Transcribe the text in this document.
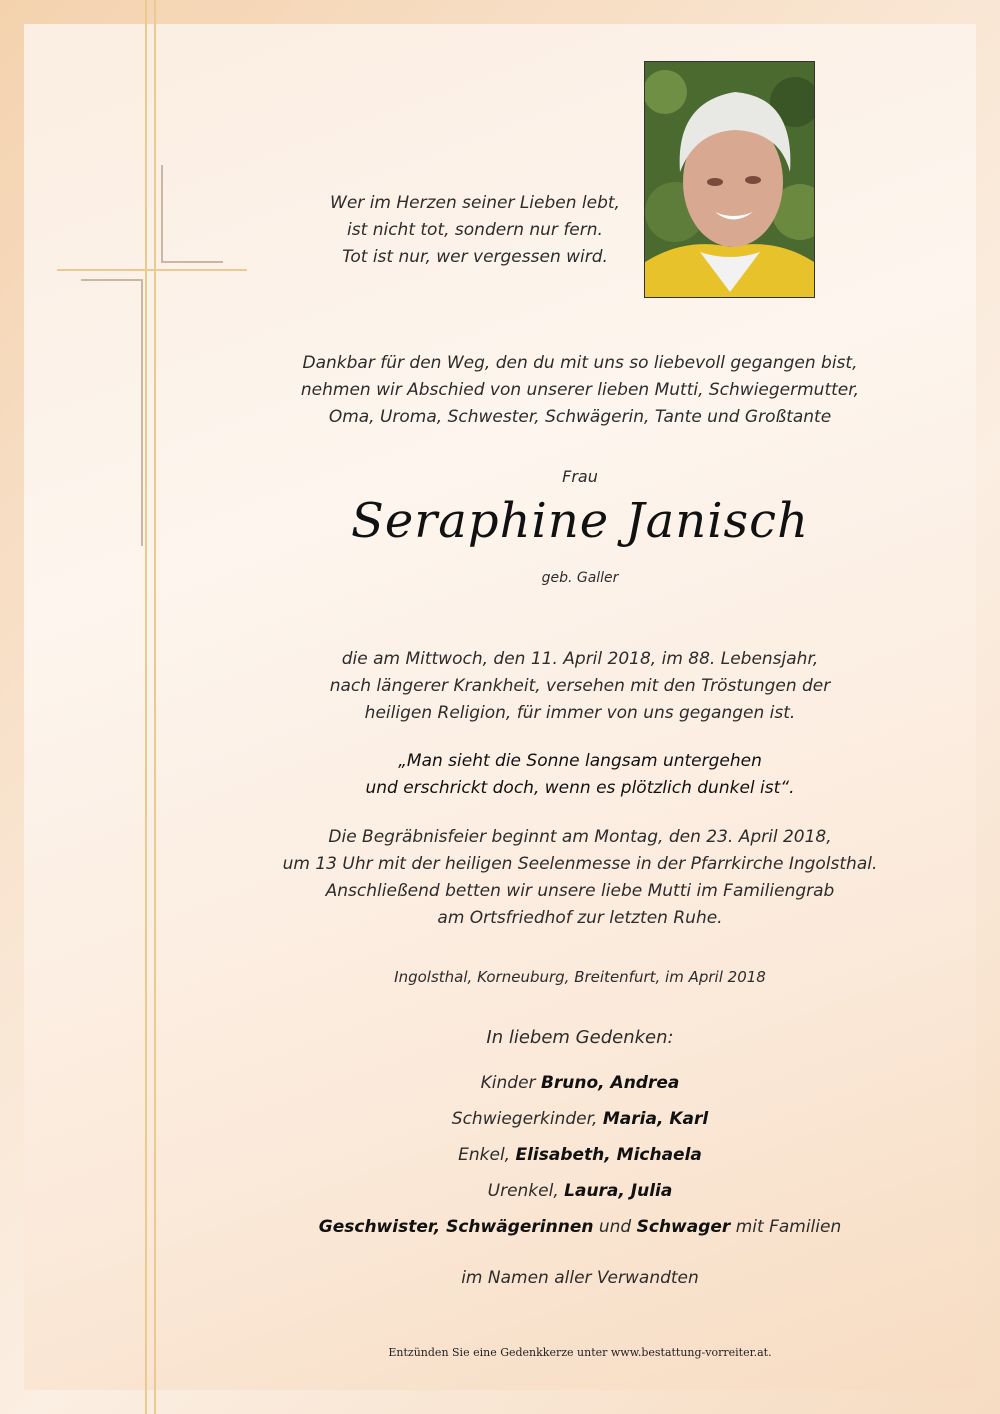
Wer im Herzen seiner Lieben lebt,
ist nicht tot, sondern nur fern.
Tot ist nur, wer vergessen wird.
Dankbar für den Weg, den du mit uns so liebevoll gegangen bist,
nehmen wir Abschied von unserer lieben Mutti, Schwiegermutter,
Oma, Uroma, Schwester, Schwägerin, Tante und Großtante
Frau
Seraphine Janisch
geb. Galler
die am Mittwoch, den 11. April 2018, im 88. Lebensjahr,
nach längerer Krankheit, versehen mit den Tröstungen der
heiligen Religion, für immer von uns gegangen ist.
„Man sieht die Sonne langsam untergehen
und erschrickt doch, wenn es plötzlich dunkel ist“.
Die Begräbnisfeier beginnt am Montag, den 23. April 2018,
um 13 Uhr mit der heiligen Seelenmesse in der Pfarrkirche Ingolsthal.
Anschließend betten wir unsere liebe Mutti im Familiengrab
am Ortsfriedhof zur letzten Ruhe.
Ingolsthal, Korneuburg, Breitenfurt, im April 2018
In liebem Gedenken:
Kinder Bruno, Andrea
Schwiegerkinder, Maria, Karl
Enkel, Elisabeth, Michaela
Urenkel, Laura, Julia
Geschwister, Schwägerinnen und Schwager mit Familien
im Namen aller Verwandten
Entzünden Sie eine Gedenkkerze unter www.bestattung-vorreiter.at.
